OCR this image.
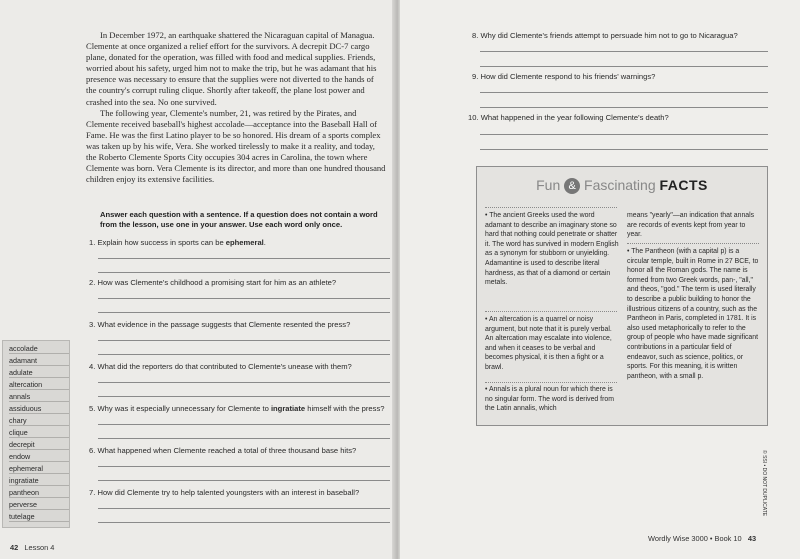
In December 1972, an earthquake shattered the Nicaraguan capital of Managua. Clemente at once organized a relief effort for the survivors. A decrepit DC-7 cargo plane, donated for the operation, was filled with food and medical supplies. Friends, worried about his safety, urged him not to make the trip, but he was adamant that his presence was necessary to ensure that the supplies were not diverted to the hands of the country's corrupt ruling clique. Shortly after takeoff, the plane lost power and crashed into the sea. No one survived.

The following year, Clemente's number, 21, was retired by the Pirates, and Clemente received baseball's highest accolade—acceptance into the Baseball Hall of Fame. He was the first Latino player to be so honored. His dream of a sports complex was taken up by his wife, Vera. She worked tirelessly to make it a reality, and today, the Roberto Clemente Sports City occupies 304 acres in Carolina, the town where Clemente was born. Vera Clemente is its director, and more than one hundred thousand children enjoy its extensive facilities.

Answer each question with a sentence. If a question does not contain a word from the lesson, use one in your answer. Use each word only once.
1. Explain how success in sports can be ephemeral.
2. How was Clemente's childhood a promising start for him as an athlete?
3. What evidence in the passage suggests that Clemente resented the press?
4. What did the reporters do that contributed to Clemente's unease with them?
5. Why was it especially unnecessary for Clemente to ingratiate himself with the press?
6. What happened when Clemente reached a total of three thousand base hits?
7. How did Clemente try to help talented youngsters with an interest in baseball?
accolade
adamant
adulate
altercation
annals
assiduous
chary
clique
decrepit
endow
ephemeral
ingratiate
pantheon
perverse
tutelage
42 Lesson 4
8. Why did Clemente's friends attempt to persuade him not to go to Nicaragua?
9. How did Clemente respond to his friends' warnings?
10. What happened in the year following Clemente's death?
Wordly Wise 3000 • Book 10 43
Fun & Fascinating FACTS
• The ancient Greeks used the word adamant to describe an imaginary stone so hard that nothing could penetrate or shatter it. The word has survived in modern English as a synonym for stubborn or unyielding. Adamantine is used to describe literal hardness, as that of a diamond or certain metals.
• An altercation is a quarrel or noisy argument, but note that it is purely verbal. An altercation may escalate into violence, and when it ceases to be verbal and becomes physical, it is then a fight or a brawl.
• Annals is a plural noun for which there is no singular form. The word is derived from the Latin annalis, which
means "yearly"—an indication that annals are records of events kept from year to year.
• The Pantheon (with a capital p) is a circular temple, built in Rome in 27 BCE, to honor all the Roman gods. The name is formed from two Greek words, pan-, "all," and theos, "god." The term is used literally to describe a public building to honor the illustrious citizens of a country, such as the Pantheon in Paris, completed in 1781. It is also used metaphorically to refer to the group of people who have made significant contributions in a particular field of endeavor, such as science, politics, or sports. For this meaning, it is written pantheon, with a small p.
© SSI • DO NOT DUPLICATE
